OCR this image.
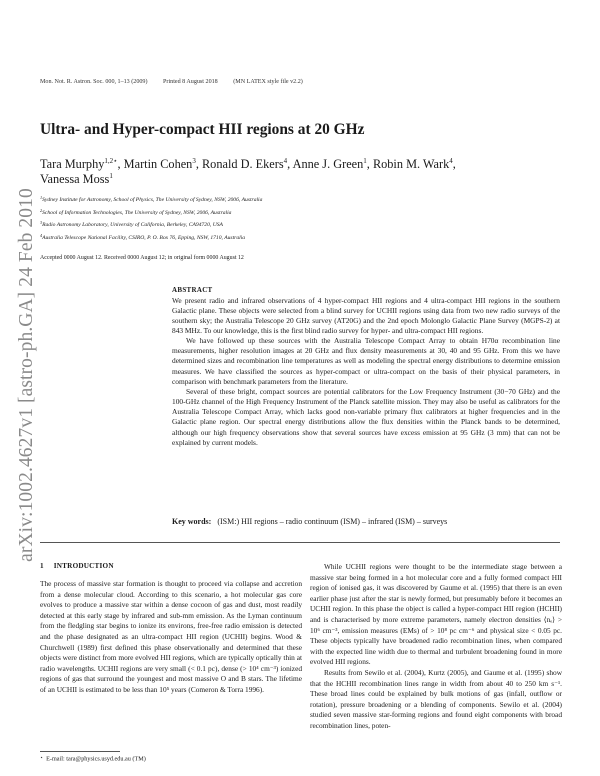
arXiv:1002.4627v1 [astro-ph.GA] 24 Feb 2010
Mon. Not. R. Astron. Soc. 000, 1–13 (2009)	Printed 8 August 2018	(MN LATEX style file v2.2)
Ultra- and Hyper-compact HII regions at 20 GHz
Tara Murphy$^{1,2⋆}$, Martin Cohen$^3$, Ronald D. Ekers$^4$, Anne J. Green$^1$, Robin M. Wark$^4$,
Vanessa Moss$^1$
$^1$Sydney Institute for Astronomy, School of Physics, The University of Sydney, NSW, 2006, Australia
$^2$School of Information Technologies, The University of Sydney, NSW, 2006, Australia
$^3$Radio Astronomy Laboratory, University of California, Berkeley, CA94720, USA
$^4$Australia Telescope National Facility, CSIRO, P. O. Box 76, Epping, NSW, 1710, Australia
Accepted 0000 August 12. Received 0000 August 12; in original form 0000 August 12
ABSTRACT

We present radio and infrared observations of 4 hyper-compact HII regions and 4 ultra-compact HII regions in the southern Galactic plane. These objects were selected from a blind survey for UCHII regions using data from two new radio surveys of the southern sky; the Australia Telescope 20 GHz survey (AT20G) and the 2nd epoch Molonglo Galactic Plane Survey (MGPS-2) at 843 MHz. To our knowledge, this is the first blind radio survey for hyper- and ultra-compact HII regions.

We have followed up these sources with the Australia Telescope Compact Array to obtain H70α recombination line measurements, higher resolution images at 20 GHz and flux density measurements at 30, 40 and 95 GHz. From this we have determined sizes and recombination line temperatures as well as modeling the spectral energy distributions to determine emission measures. We have classified the sources as hyper-compact or ultra-compact on the basis of their physical parameters, in comparison with benchmark parameters from the literature.

Several of these bright, compact sources are potential calibrators for the Low Frequency Instrument (30−70 GHz) and the 100-GHz channel of the High Frequency Instrument of the Planck satellite mission. They may also be useful as calibrators for the Australia Telescope Compact Array, which lacks good non-variable primary flux calibrators at higher frequencies and in the Galactic plane region. Our spectral energy distributions allow the flux densities within the Planck bands to be determined, although our high frequency observations show that several sources have excess emission at 95 GHz (3 mm) that can not be explained by current models.

Key words: (ISM:) HII regions – radio continuum (ISM) – infrared (ISM) – surveys
1 INTRODUCTION

The process of massive star formation is thought to proceed via collapse and accretion from a dense molecular cloud. According to this scenario, a hot molecular gas core evolves to produce a massive star within a dense cocoon of gas and dust, most readily detected at this early stage by infrared and sub-mm emission. As the Lyman continuum from the fledgling star begins to ionize its environs, free-free radio emission is detected and the phase designated as an ultra-compact HII region (UCHII) begins. Wood & Churchwell (1989) first defined this phase observationally and determined that these objects were distinct from more evolved HII regions, which are typically optically thin at radio wavelengths. UCHII regions are very small (< 0.1 pc), dense (> 10⁴ cm⁻³) ionized regions of gas that surround the youngest and most massive O and B stars. The lifetime of an UCHII is estimated to be less than 10⁵ years (Comeron & Torra 1996).

While UCHII regions were thought to be the intermediate stage between a massive star being formed in a hot molecular core and a fully formed compact HII region of ionised gas, it was discovered by Gaume et al. (1995) that there is an even earlier phase just after the star is newly formed, but presumably before it becomes an UCHII region. In this phase the object is called a hyper-compact HII region (HCHII) and is characterised by more extreme parameters, namely electron densities ⟨nₑ⟩ > 10⁶ cm⁻³, emission measures (EMs) of > 10⁸ pc cm⁻⁶ and physical size < 0.05 pc. These objects typically have broadened radio recombination lines, when compared with the expected line width due to thermal and turbulent broadening found in more evolved HII regions.

Results from Sewilo et al. (2004), Kurtz (2005), and Gaume et al. (1995) show that the HCHII recombination lines range in width from about 40 to 250 km s⁻¹. These broad lines could be explained by bulk motions of gas (infall, outflow or rotation), pressure broadening or a blending of components. Sewilo et al. (2004) studied seven massive star-forming regions and found eight components with broad recombination lines, poten-

⋆ E-mail: tara@physics.usyd.edu.au (TM)
